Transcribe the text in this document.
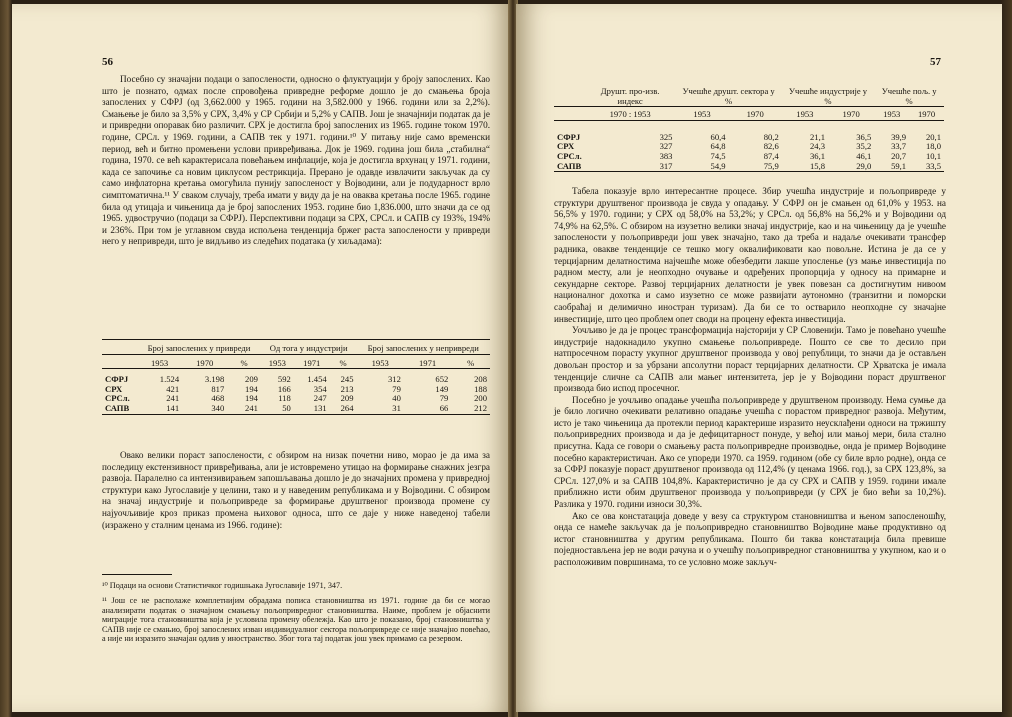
56

Посебно су значајни подаци о запослености, односно о флуктуацији у броју запослених. Као што је познато, одмах после спровођења привредне реформе дошло је до смањења броја запослених у СФРЈ (од 3,662.000 у 1965. години на 3,582.000 у 1966. години или за 2,2%). Смањење је било за 3,5% у СРХ, 3,4% у СР Србији и 5,2% у САПВ. Још је значајнији податак да је и привредни опоравак био различит. СРХ је достигла број запослених из 1965. године током 1970. године, СРСл. у 1969. години, а САПВ тек у 1971. години.¹⁰ У питању није само временски период, већ и битно промењени услови привређивања. Док је 1969. година још била „стабилна“ година, 1970. се већ карактерисала повећањем инфлације, која је достигла врхунац у 1971. години, када се започиње са новим циклусом рестрикција. Прерано је одавде извлачити закључак да су само инфлаторна кретања омогућила пунију запосленост у Војводини, али је подударност врло симптоматична.¹¹ У сваком случају, треба имати у виду да је на оваква кретања после 1965. године била од утицаја и чињеница да је број запослених 1953. године био 1,836.000, што значи да се од 1965. удвостручио (подаци за СФРЈ). Перспективни подаци за СРХ, СРСл. и САПВ су 193%, 194% и 236%. При том је углавном свуда испољена тенденција бржег раста запослености у привреди него у непривреди, што је видљиво из следећих података (у хиљадама):

	Број запослених у привреди			Од тога у индустрији			Број запослених у непривреди		

	1953	1970	%	1953	1971	%	1953	1971	%

СФРЈ	1.524	3.198	209	592	1.454	245	312	652	208
СРХ	421	817	194	166	354	213	79	149	188
СРСл.	241	468	194	118	247	209	40	79	200
САПВ	141	340	241	50	131	264	31	66	212

Овако велики пораст запослености, с обзиром на низак почетни ниво, морао је да има за последицу екстензивност привређивања, али је истовремено утицао на формирање снажних језгра развоја. Паралелно са интензивирањем запошљавања дошло је до значајних промена у привредној структури како Југославије у целини, тако и у наведеним републикама и у Војводини. С обзиром на значај индустрије и пољопривреде за формирање друштвеног производа промене су најуочљивије кроз приказ промена њиховог односа, што се даје у ниже наведеној табели (изражено у сталним ценама из 1966. године):

¹⁰ Подаци на основи Статистичког годишњака Југославије 1971, 347.
¹¹ Још се не располаже комплетнијим обрадама пописа становништва из 1971. године да би се могао анализирати податак о значајном смањењу пољопривредног становништва. Наиме, проблем је објаснити миграције тога становништва која је условила промену обележја. Као што је показано, број становништва у САПВ није се смањио, број запослених изван индивидуалног сектора пољопривреде се није значајно повећао, а није ни изразито значајан одлив у иностранство. Због тога тај податак још увек примамо са резервом.
57
	Друшт. про-изв. индекс	Учешће друшт. сектора у %		Учешће индустрије у %		Учешће пољ. у %	

	1970 : 1953	1953	1970	1953	1970	1953	1970

СФРЈ	325	60,4	80,2	21,1	36,5	39,9	20,1
СРХ	327	64,8	82,6	24,3	35,2	33,7	18,0
СРСл.	383	74,5	87,4	36,1	46,1	20,7	10,1
САПВ	317	54,9	75,9	15,8	29,0	59,1	33,5

Табела показује врло интересантне процесе. Збир учешћа индустрије и пољопривреде у структури друштвеног производа је свуда у опадању. У СФРЈ он је смањен од 61,0% у 1953. на 56,5% у 1970. години; у СРХ од 58,0% на 53,2%; у СРСл. од 56,8% на 56,2% и у Војводини од 74,9% на 62,5%. С обзиром на изузетно велики значај индустрије, као и на чињеницу да је учешће запослености у пољопривреди још увек значајно, тако да треба и надаље очекивати трансфер радника, овакве тенденције се тешко могу оквалификовати као повољне. Истина је да се у терцијарним делатностима најчешће може обезбедити лакше упосленье (уз мање инвестиција по радном месту, али је неопходно очување и одређених пропорција у односу на примарне и секундарне секторе. Развој терцијарних делатности је увек повезан са достигнутим нивоом националног дохотка и само изузетно се може развијати аутономно (транзитни и поморски саобраћај и делимично иностран туризам). Да би се то остварило неопходне су значајне инвестиције, што цео проблем опет своди на процену ефекта инвестиција.

Уочљиво је да је процес трансформација најсторији у СР Словенији. Тамо је повећано учешће индустрије надокнадило укупно смањење пољопривреде. Пошто се све то десило при натпросечном порасту укупног друштвеног производа у овој републици, то значи да је остављен довољан простор и за убрзани апсолутни пораст терцијарних делатности. СР Хрватска је имала тенденције сличне са САПВ али мањег интензитета, јер је у Војводини пораст друштвеног производа био испод просечног.

Посебно је уочљиво опадање учешћа пољопривреде у друштвеном производу. Нема сумње да је било логично очекивати релативно опадање учешћа с порастом привредног развоја. Међутим, исто је тако чињеница да протекли период карактерише изразито неусклађени односи на тржишту пољопривредних производа и да је дефицитарност понуде, у већој или мањој мери, била стално присутна. Када се говори о смањењу раста пољопривредне производње, онда је пример Војводине посебно карактеристичан. Ако се упореди 1970. са 1959. годином (обе су биле врло родне), онда се за СФРЈ показује пораст друштвеног производа од 112,4% (у ценама 1966. год.), за СРХ 123,8%, за СРСл. 127,0% и за САПВ 104,8%. Карактеристично је да су СРХ и САПВ у 1959. години имале приближно исти обим друштвеног производа у пољопривреди (у СРХ је био већи за 10,2%). Разлика у 1970. години износи 30,3%.

Ако се ова констатација доведе у везу са структуром становништва и њеном запосленошћу, онда се намеће закључак да је пољопривредно становништво Војводине мање продуктивно од истог становништва у другим републикама. Пошто би таква констатација била превише поједностављена јер не води рачуна и о учешћу пољопривредног становништва у укупном, као и о расположивим површинама, то се условно може закључ-
